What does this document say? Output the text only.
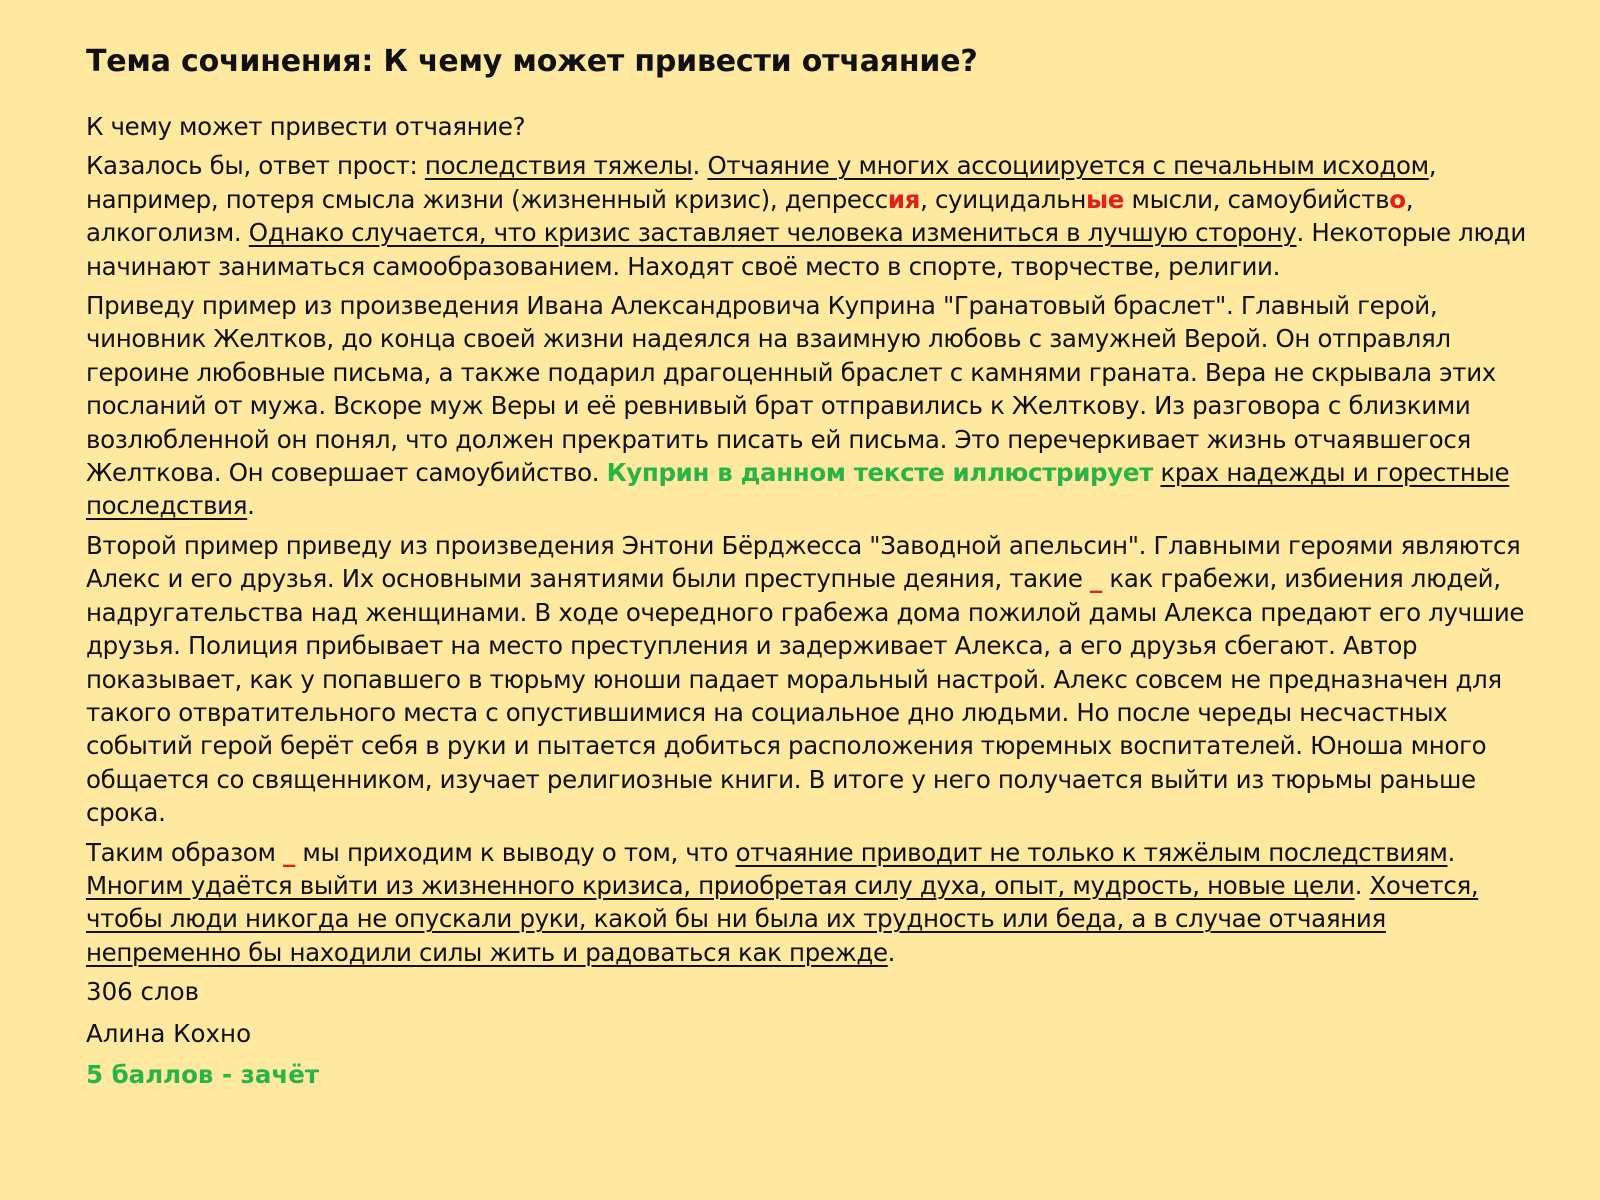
Тема сочинения: К чему может привести отчаяние?

К чему может привести отчаяние?

Казалось бы, ответ прост: последствия тяжелы. Отчаяние у многих ассоциируется с печальным исходом, например, потеря смысла жизни (жизненный кризис), депрессия, суицидальные мысли, самоубийство, алкоголизм. Однако случается, что кризис заставляет человека измениться в лучшую сторону. Некоторые люди начинают заниматься самообразованием. Находят своё место в спорте, творчестве, религии.

Приведу пример из произведения Ивана Александровича Куприна "Гранатовый браслет". Главный герой, чиновник Желтков, до конца своей жизни надеялся на взаимную любовь с замужней Верой. Он отправлял героине любовные письма, а также подарил драгоценный браслет с камнями граната. Вера не скрывала этих посланий от мужа. Вскоре муж Веры и её ревнивый брат отправились к Желткову. Из разговора с близкими возлюбленной он понял, что должен прекратить писать ей письма. Это перечеркивает жизнь отчаявшегося Желткова. Он совершает самоубийство. Куприн в данном тексте иллюстрирует крах надежды и горестные последствия.

Второй пример приведу из произведения Энтони Бёрджесса "Заводной апельсин". Главными героями являются Алекс и его друзья. Их основными занятиями были преступные деяния, такие _ как грабежи, избиения людей, надругательства над женщинами. В ходе очередного грабежа дома пожилой дамы Алекса предают его лучшие друзья. Полиция прибывает на место преступления и задерживает Алекса, а его друзья сбегают. Автор показывает, как у попавшего в тюрьму юноши падает моральный настрой. Алекс совсем не предназначен для такого отвратительного места с опустившимися на социальное дно людьми. Но после череды несчастных событий герой берёт себя в руки и пытается добиться расположения тюремных воспитателей. Юноша много общается со священником, изучает религиозные книги. В итоге у него получается выйти из тюрьмы раньше срока.

Таким образом _ мы приходим к выводу о том, что отчаяние приводит не только к тяжёлым последствиям. Многим удаётся выйти из жизненного кризиса, приобретая силу духа, опыт, мудрость, новые цели. Хочется, чтобы люди никогда не опускали руки, какой бы ни была их трудность или беда, а в случае отчаяния непременно бы находили силы жить и радоваться как прежде.

306 слов

Алина Кохно

5 баллов - зачёт
